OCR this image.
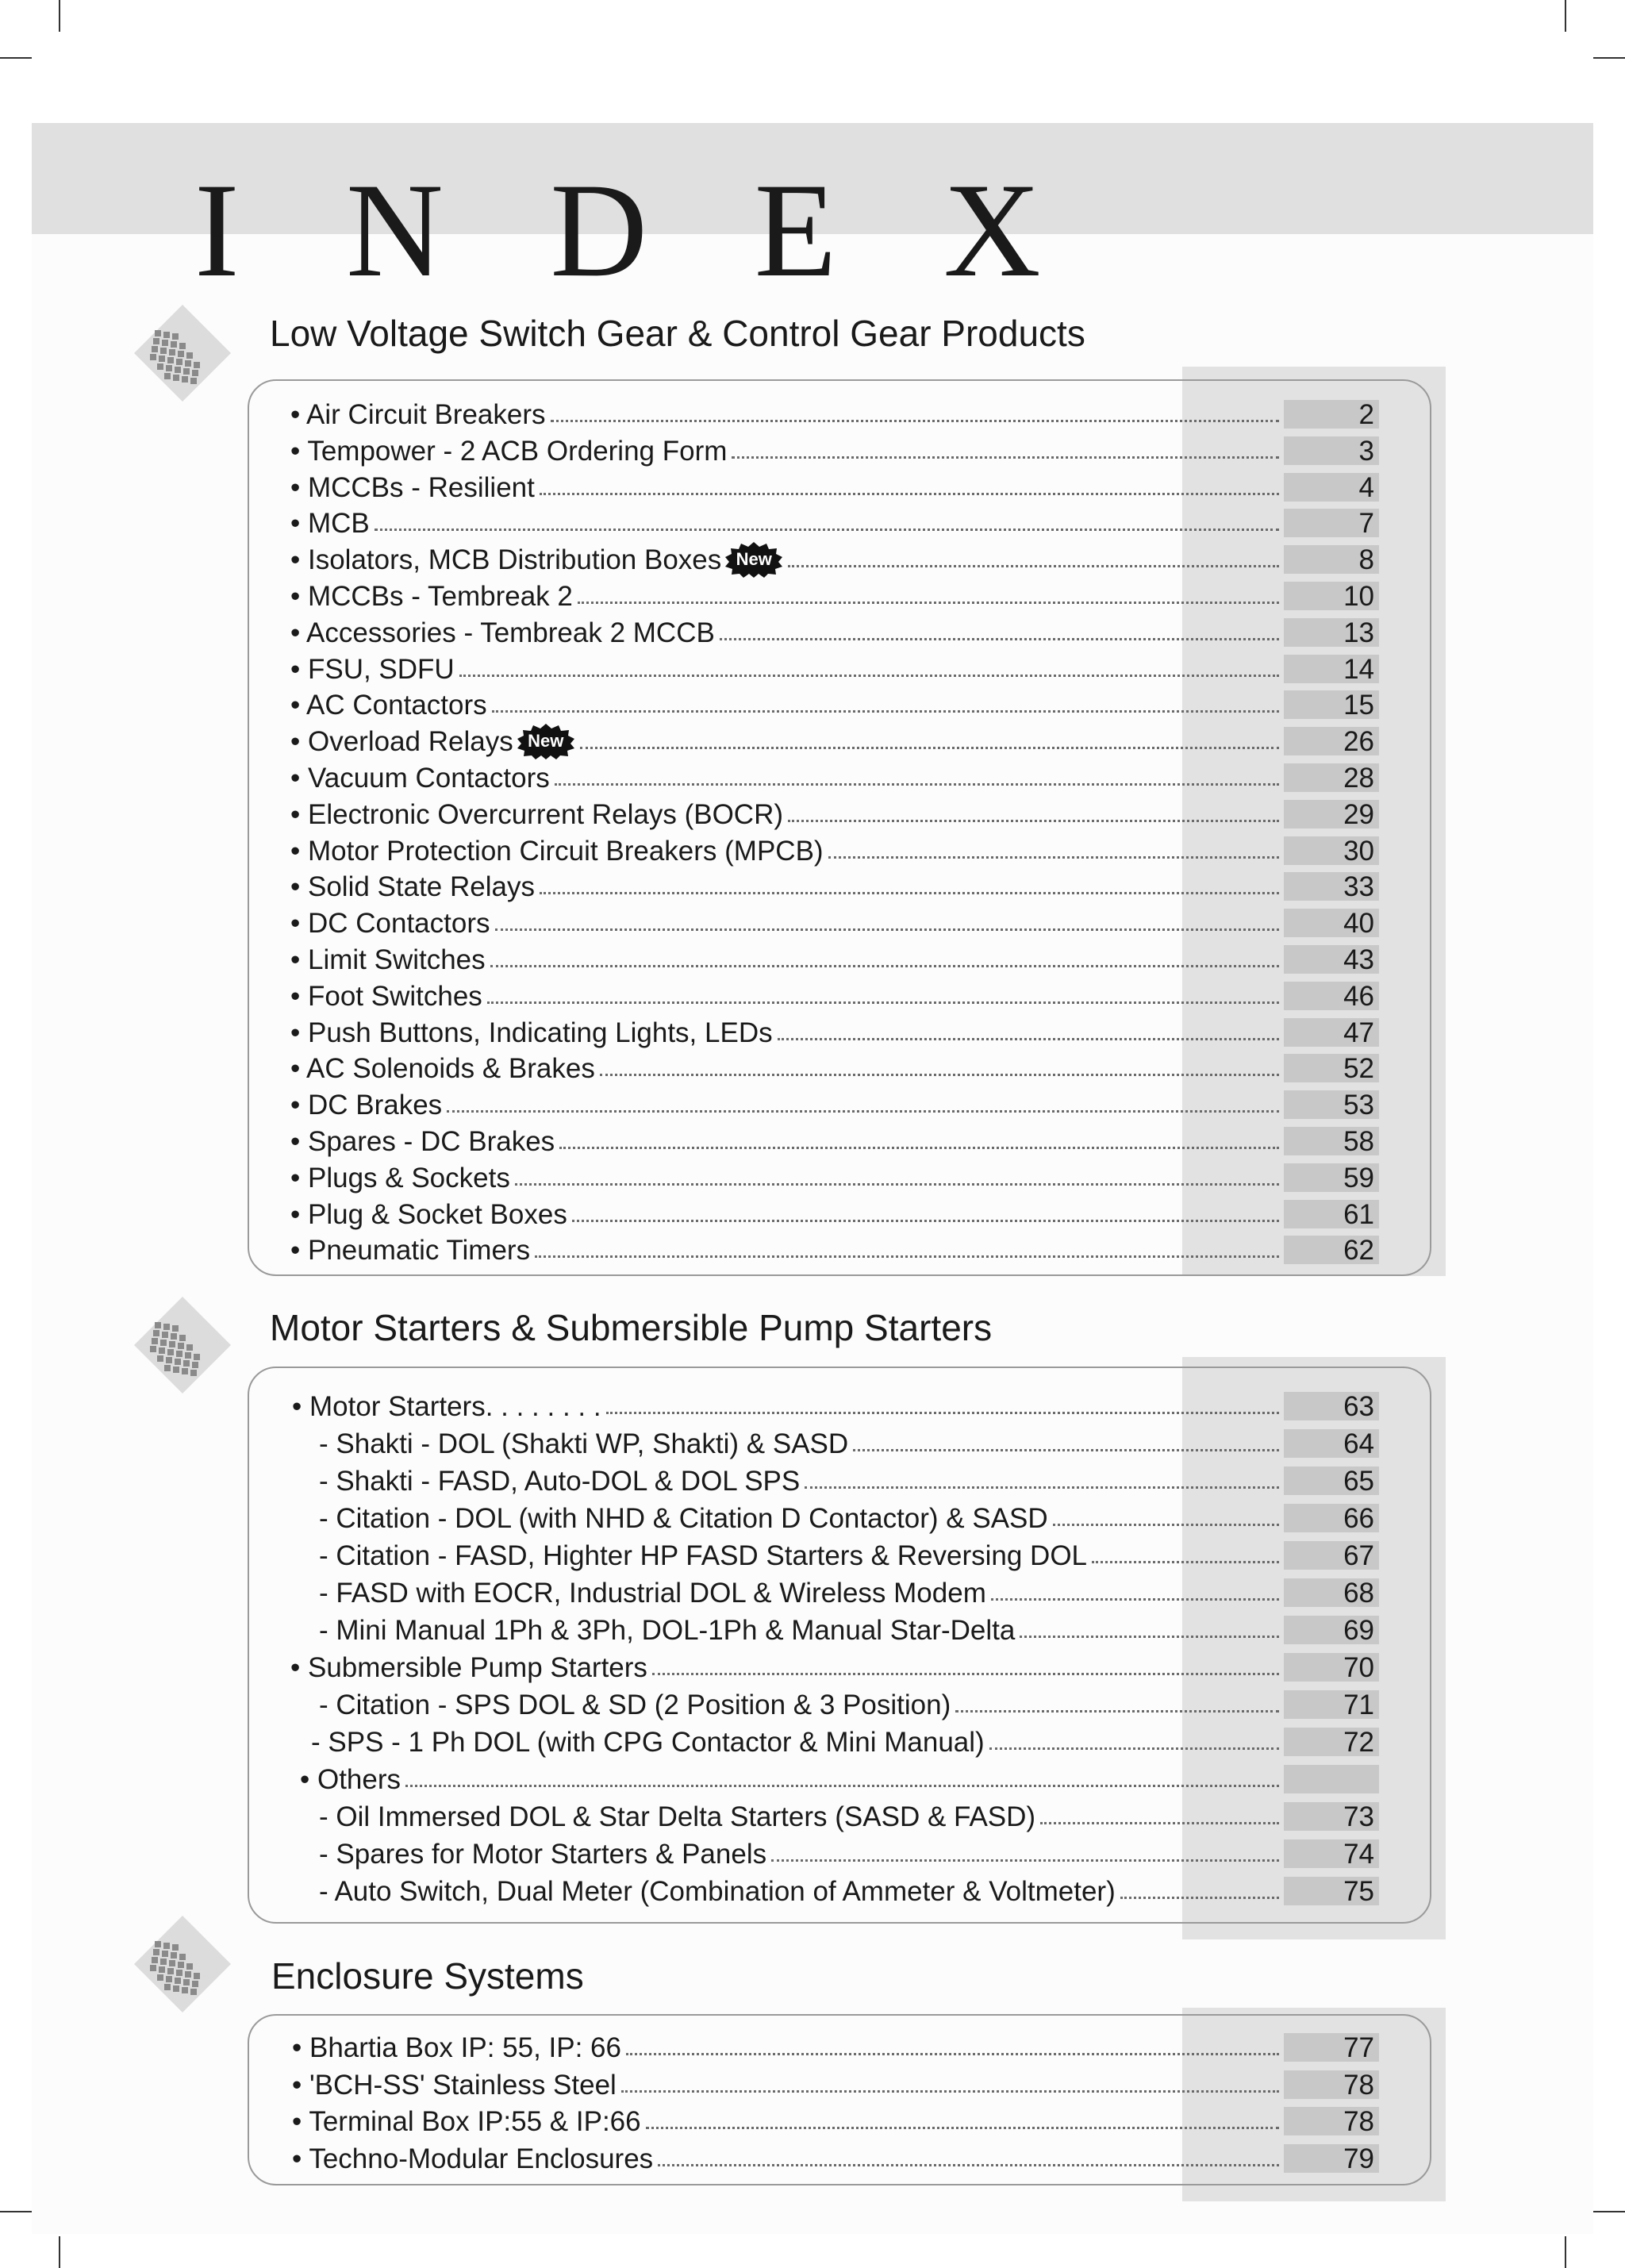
I N D E X
Low Voltage Switch Gear & Control Gear Products
• Air Circuit Breakers	2
• Tempower - 2 ACB Ordering Form	3
• MCCBs - Resilient	4
• MCB	7
• Isolators, MCB Distribution Boxes New	8
• MCCBs - Tembreak 2	10
• Accessories - Tembreak 2 MCCB	13
• FSU, SDFU	14
• AC Contactors	15
• Overload Relays New	26
• Vacuum Contactors	28
• Electronic Overcurrent Relays (BOCR)	29
• Motor Protection Circuit Breakers (MPCB)	30
• Solid State Relays	33
• DC Contactors	40
• Limit Switches	43
• Foot Switches	46
• Push Buttons, Indicating Lights, LEDs	47
• AC Solenoids & Brakes	52
• DC Brakes	53
• Spares - DC Brakes	58
• Plugs & Sockets	59
• Plug & Socket Boxes	61
• Pneumatic Timers	62
Motor Starters & Submersible Pump Starters
• Motor Starters. . . . . . . .	63
- Shakti - DOL (Shakti WP, Shakti) & SASD	64
- Shakti - FASD, Auto-DOL & DOL SPS	65
- Citation - DOL (with NHD & Citation D Contactor) & SASD	66
- Citation - FASD, Highter HP FASD Starters & Reversing DOL	67
- FASD with EOCR, Industrial DOL & Wireless Modem	68
- Mini Manual 1Ph & 3Ph, DOL-1Ph & Manual Star-Delta	69
• Submersible Pump Starters	70
- Citation - SPS DOL & SD (2 Position & 3 Position)	71
- SPS - 1 Ph DOL (with CPG Contactor & Mini Manual)	72
• Others
- Oil Immersed DOL & Star Delta Starters (SASD & FASD)	73
- Spares for Motor Starters & Panels	74
- Auto Switch, Dual Meter (Combination of Ammeter & Voltmeter)	75
Enclosure Systems
• Bhartia Box IP: 55, IP: 66	77
• 'BCH-SS' Stainless Steel	78
• Terminal Box IP:55 & IP:66	78
• Techno-Modular Enclosures	79
